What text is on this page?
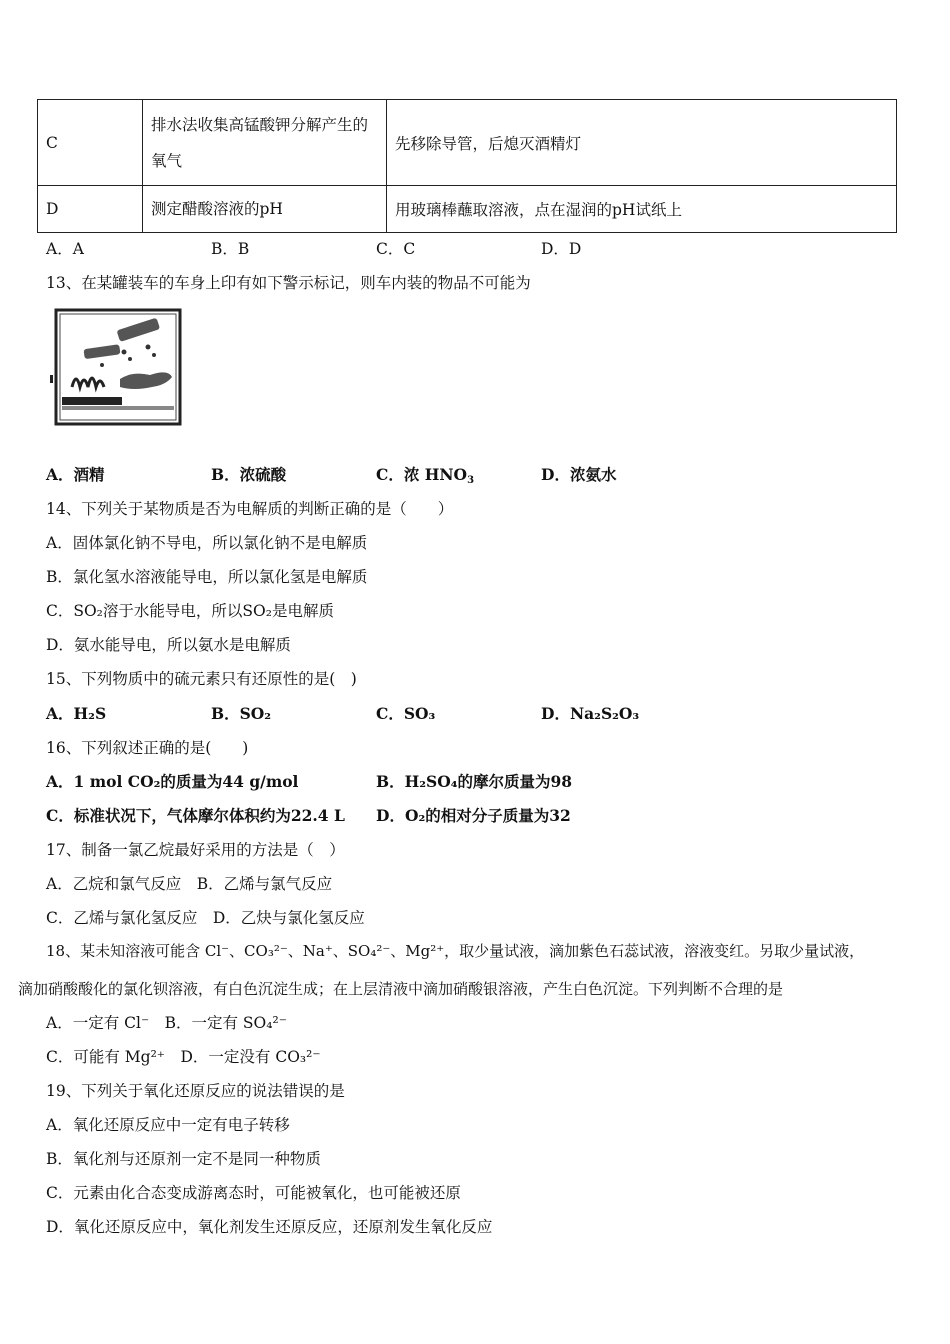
C	排水法收集高锰酸钾分解产生的氧气	先移除导管，后熄灭酒精灯
D	测定醋酸溶液的pH	用玻璃棒蘸取溶液，点在湿润的pH试纸上
A．A	B．B	C．C	D．D
13、在某罐装车的车身上印有如下警示标记，则车内装的物品不可能为
A．酒精	B．浓硫酸	C．浓 $HNO_3$	D．浓氨水
14、下列关于某物质是否为电解质的判断正确的是（　　）
A．固体氯化钠不导电，所以氯化钠不是电解质
B．氯化氢水溶液能导电，所以氯化氢是电解质
C．SO₂溶于水能导电，所以SO₂是电解质
D．氨水能导电，所以氨水是电解质
15、下列物质中的硫元素只有还原性的是(　)
A．H₂S	B．SO₂	C．SO₃	D．Na₂S₂O₃
16、下列叙述正确的是(　　)
A．1 mol CO₂的质量为44 g/mol	B．H₂SO₄的摩尔质量为98
C．标准状况下，气体摩尔体积约为22.4 L D．O₂的相对分子质量为32
17、制备一氯乙烷最好采用的方法是（　）
A．乙烷和氯气反应　B．乙烯与氯气反应
C．乙烯与氯化氢反应　D．乙炔与氯化氢反应
18、某未知溶液可能含 Cl⁻、CO₃²⁻、Na⁺、SO₄²⁻、Mg²⁺，取少量试液，滴加紫色石蕊试液，溶液变红。另取少量试液，
滴加硝酸酸化的氯化钡溶液，有白色沉淀生成；在上层清液中滴加硝酸银溶液，产生白色沉淀。下列判断不合理的是
A．一定有 Cl⁻　B．一定有 SO₄²⁻
C．可能有 Mg²⁺　D．一定没有 CO₃²⁻
19、下列关于氧化还原反应的说法错误的是
A．氧化还原反应中一定有电子转移
B．氧化剂与还原剂一定不是同一种物质
C．元素由化合态变成游离态时，可能被氧化，也可能被还原
D．氧化还原反应中，氧化剂发生还原反应，还原剂发生氧化反应
